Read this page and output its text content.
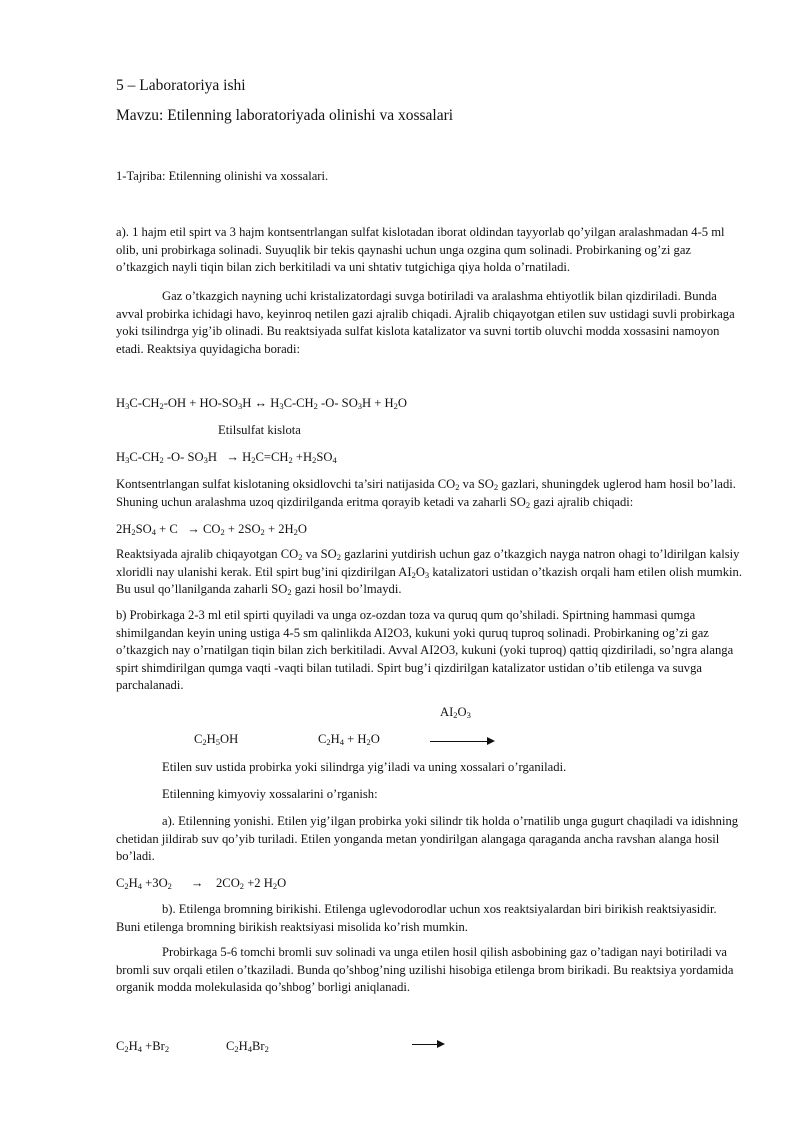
5 – Laboratoriya ishi

Mavzu: Etilenning laboratoriyada olinishi va xossalari

1-Tajriba: Etilenning olinishi va xossalari.

a). 1 hajm etil spirt va 3 hajm kontsentrlangan sulfat kislotadan iborat oldindan tayyorlab qo’yilgan aralashmadan 4-5 ml olib, uni probirkaga solinadi. Suyuqlik bir tekis qaynashi uchun unga ozgina qum solinadi. Probirkaning og’zi gaz o’tkazgich nayli tiqin bilan zich berkitiladi va uni shtativ tutgichiga qiya holda o’rnatiladi.

Gaz o’tkazgich nayning uchi kristalizatordagi suvga botiriladi va aralashma ehtiyotlik bilan qizdiriladi. Bunda avval probirka ichidagi havo, keyinroq netilen gazi ajralib chiqadi. Ajralib chiqayotgan etilen suv ustidagi suvli probirkaga yoki tsilindrga yig’ib olinadi. Bu reaktsiyada sulfat kislota katalizator va suvni tortib oluvchi modda xossasini namoyon etadi. Reaktsiya quyidagicha boradi:

$H_3C-CH_2-OH + HO-SO_3H$ ↔ $H_3C-CH_2$ -O- $SO_3H + H_2O$
Etilsulfat kislota
$H_3C-CH_2$ -O- $SO_3H \to H_2C=CH_2 +H_2SO_4$

Kontsentrlangan sulfat kislotaning oksidlovchi ta’siri natijasida $CO_2$ va $SO_2$ gazlari, shuningdek uglerod ham hosil bo’ladi. Shuning uchun aralashma uzoq qizdirilganda eritma qorayib ketadi va zaharli $SO_2$ gazi ajralib chiqadi:

$2H_2SO_4 + C \to CO_2 + 2SO_2 + 2H_2O$

Reaktsiyada ajralib chiqayotgan $CO_2$ va $SO_2$ gazlarini yutdirish uchun gaz o’tkazgich nayga natron ohagi to’ldirilgan kalsiy xloridli nay ulanishi kerak. Etil spirt bug’ini qizdirilgan $AI_2O_3$ katalizatori ustidan o’tkazish orqali ham etilen olish mumkin. Bu usul qo’llanilganda zaharli $SO_2$ gazi hosil bo’lmaydi.

b) Probirkaga 2-3 ml etil spirti quyiladi va unga oz-ozdan toza va quruq qum qo’shiladi. Spirtning hammasi qumga shimilgandan keyin uning ustiga 4-5 sm qalinlikda AI2O3, kukuni yoki quruq tuproq solinadi. Probirkaning og’zi gaz o’tkazgich nay o’rnatilgan tiqin bilan zich berkitiladi. Avval AI2O3, kukuni (yoki tuproq) qattiq qizdiriladi, so’ngra alanga spirt shimdirilgan qumga vaqti -vaqti bilan tutiladi. Spirt bug’i qizdirilgan katalizator ustidan o’tib etilenga va suvga parchalanadi.

$AI_2O_3$
$C_2H_5OH$	$C_2H_4 + H_2O$

Etilen suv ustida probirka yoki silindrga yig’iladi va uning xossalari o’rganiladi.

Etilenning kimyoviy xossalarini o’rganish:

a). Etilenning yonishi. Etilen yig’ilgan probirka yoki silindr tik holda o’rnatilib unga gugurt chaqiladi va idishning chetidan jildirab suv qo’yib turiladi. Etilen yonganda metan yondirilgan alangaga qaraganda ancha ravshan alanga hosil bo’ladi.

$C_2H_4 +3O_2$      →    $2CO_2 +2$ $H_2O$

b). Etilenga bromning birikishi. Etilenga uglevodorodlar uchun xos reaktsiyalardan biri birikish reaktsiyasidir. Buni etilenga bromning birikish reaktsiyasi misolida ko’rish mumkin.

Probirkaga 5-6 tomchi bromli suv solinadi va unga etilen hosil qilish asbobining gaz o’tadigan nayi botiriladi va bromli suv orqali etilen o’tkaziladi. Bunda qo’shbog’ning uzilishi hisobiga etilenga brom birikadi. Bu reaktsiya yordamida organik modda molekulasida qo’shbog’ borligi aniqlanadi.

$C_2H_4 +Br_2$	$C_2H_4Br_2$
